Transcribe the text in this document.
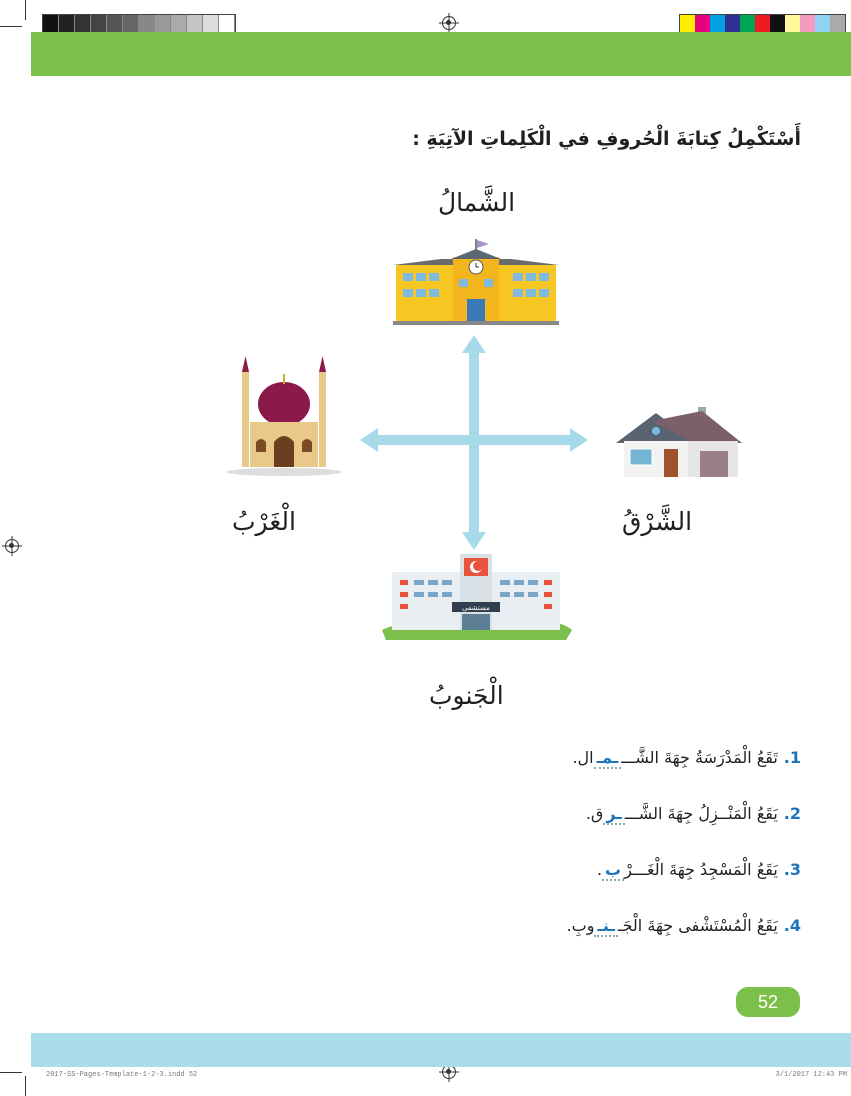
2017-SS-Pages-Template-1-2-3.indd 52	3/1/2017 12:43 PM
أَسْتَكْمِلُ كِتابَةَ الْحُروفِ في الْكَلِماتِ الآتِيَةِ :
الشَّمالُ
الْغَرْبُ	الشَّرْقُ
الْجَنوبُ
مستشفى
1.
تَقَعُ الْمَدْرَسَةُ جِهَةَ الشَّـــ
ـمـ
ال.
2.
يَقَعُ الْمَنْــزِلُ جِهَةَ الشَّـــ
ـر
ق.
3.
يَقَعُ الْمَسْجِدُ جِهَةَ الْغَـــرْ
ب
.
4.
يَقَعُ الْمُسْتَشْفى جِهَةَ الْجَـ
ـنـ
وبِ.
52
